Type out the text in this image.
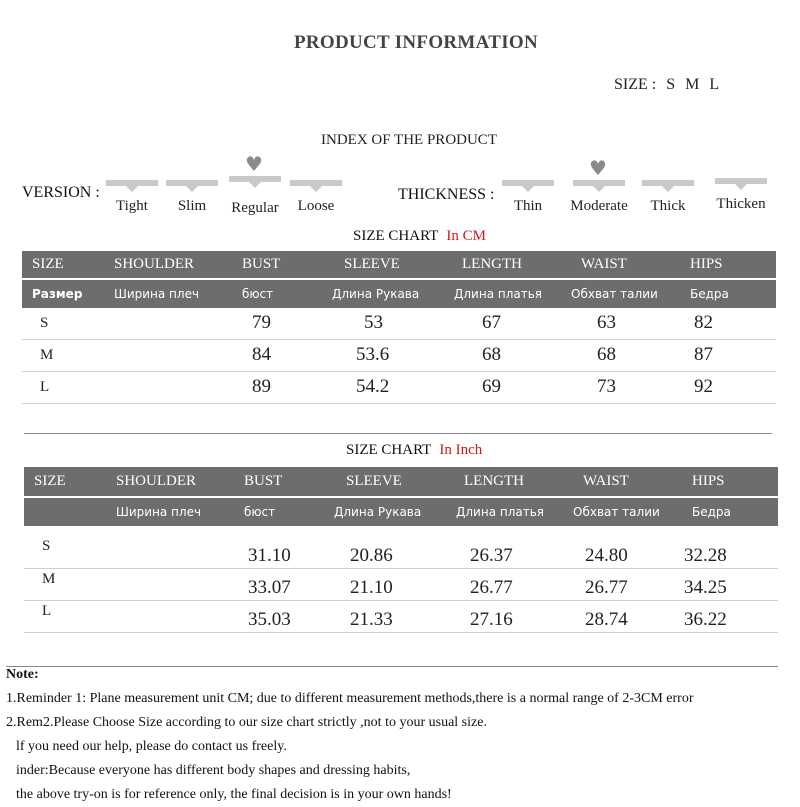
PRODUCT INFORMATION
SIZE : S M L
INDEX OF THE PRODUCT
VERSION :
Tight	Slim
♥
Regular	Loose
THICKNESS :
Thin
♥
Moderate	Thick	Thicken
SIZE CHART In CM
SIZE	SHOULDER	BUST	SLEEVE	LENGTH	WAIST	HIPS

Размер	Ширина плеч	бюст	Длина Рукава	Длина платья	Обхват талии	Бедра
S		79	53	67	63	82
M		84	53.6	68	68	87
L		89	54.2	69	73	92
SIZE CHART In Inch
SIZE	SHOULDER	BUST	SLEEVE	LENGTH	WAIST	HIPS

	Ширина плеч	бюст	Длина Рукава	Длина платья	Обхват талии	Бедра

S		31.10	20.86	26.37	24.80	32.28
M		33.07	21.10	26.77	26.77	34.25
L		35.03	21.33	27.16	28.74	36.22
Note:
1.Reminder 1: Plane measurement unit CM; due to different measurement methods,there is a normal range of 2-3CM error
2.Rem2.Please Choose Size according to our size chart strictly ,not to your usual size.
lf you need our help, please do contact us freely.
inder:Because everyone has different body shapes and dressing habits,
the above try-on is for reference only, the final decision is in your own hands!
